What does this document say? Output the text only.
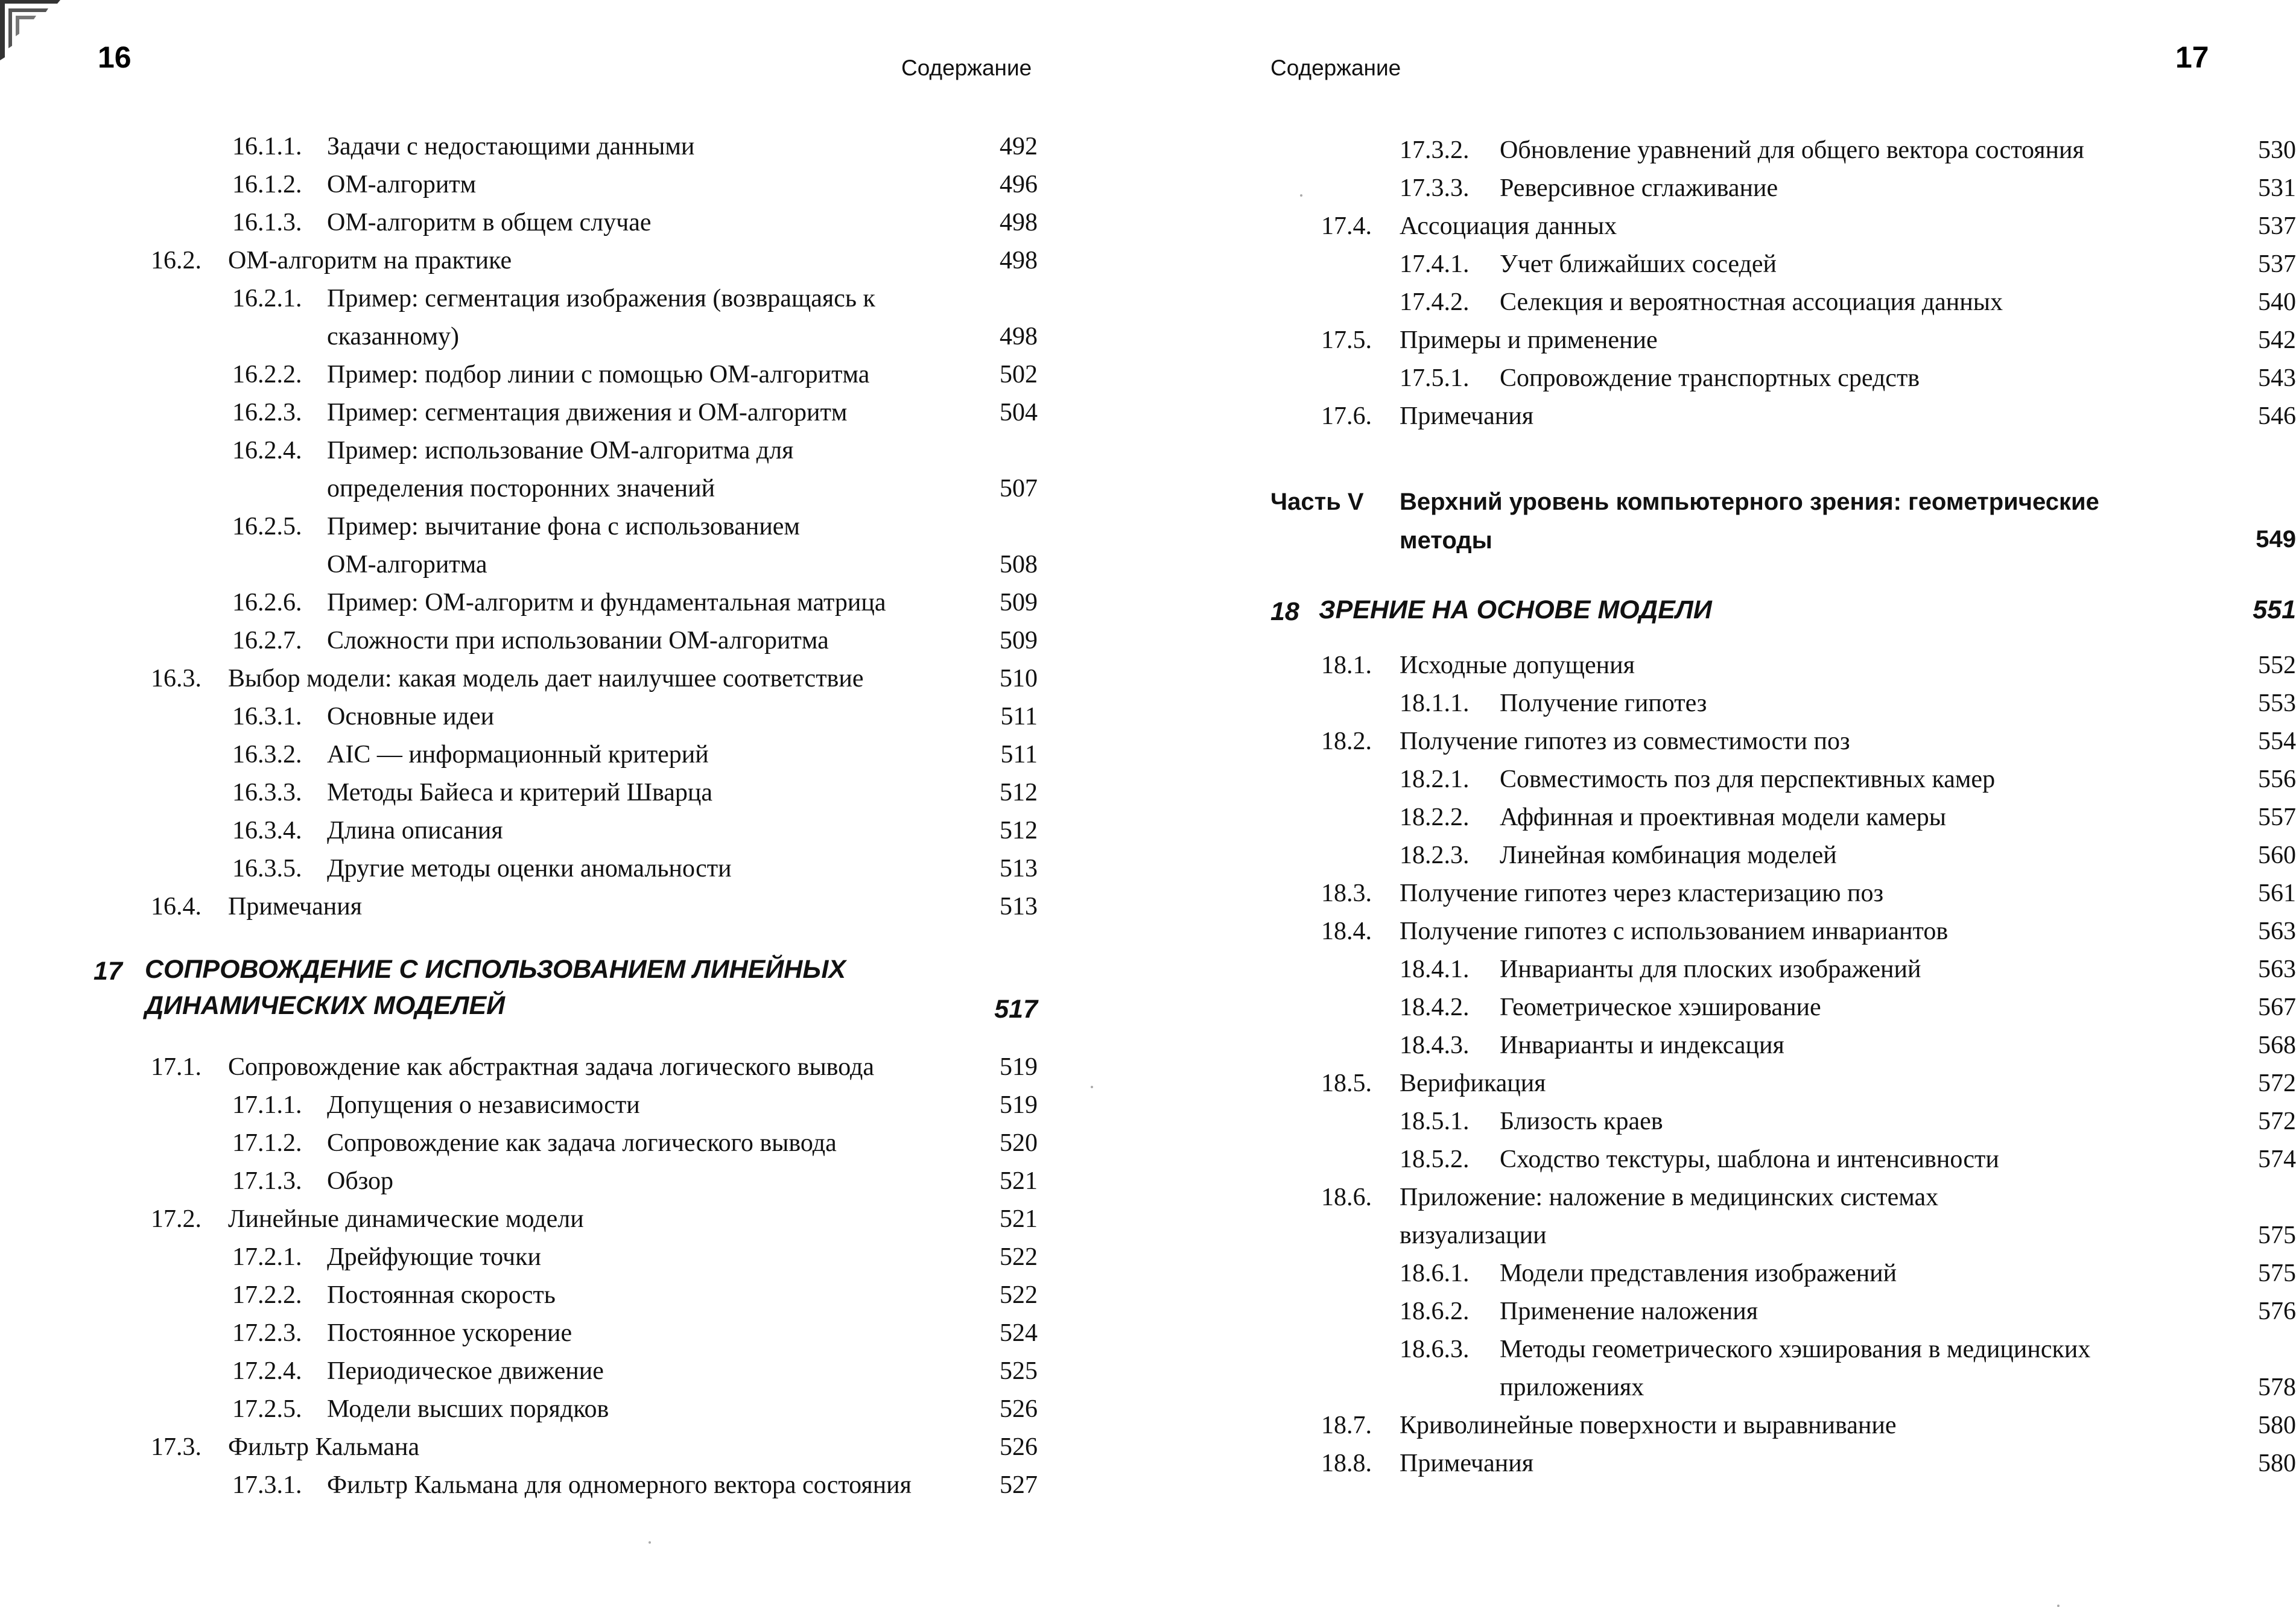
16	Содержание
16.1.1. Задачи с недостающими данными	492
16.1.2. ОМ-алгоритм	496
16.1.3. ОМ-алгоритм в общем случае	498
16.2. ОМ-алгоритм на практике	498
16.2.1. Пример: сегментация изображения (возвращаясь к
сказанному)	498
16.2.2. Пример: подбор линии с помощью ОМ-алгоритма	502
16.2.3. Пример: сегментация движения и ОМ-алгоритм	504
16.2.4. Пример: использование ОМ-алгоритма для
определения посторонних значений	507
16.2.5. Пример: вычитание фона с использованием
ОМ-алгоритма	508
16.2.6. Пример: ОМ-алгоритм и фундаментальная матрица	509
16.2.7. Сложности при использовании ОМ-алгоритма	509
16.3. Выбор модели: какая модель дает наилучшее соответствие	510
16.3.1. Основные идеи	511
16.3.2. AIC — информационный критерий	511
16.3.3. Методы Байеса и критерий Шварца	512
16.3.4. Длина описания	512
16.3.5. Другие методы оценки аномальности	513
16.4. Примечания	513
17 СОПРОВОЖДЕНИЕ С ИСПОЛЬЗОВАНИЕМ ЛИНЕЙНЫХ
ДИНАМИЧЕСКИХ МОДЕЛЕЙ	517
17.1. Сопровождение как абстрактная задача логического вывода	519
17.1.1. Допущения о независимости	519
17.1.2. Сопровождение как задача логического вывода	520
17.1.3. Обзор	521
17.2. Линейные динамические модели	521
17.2.1. Дрейфующие точки	522
17.2.2. Постоянная скорость	522
17.2.3. Постоянное ускорение	524
17.2.4. Периодическое движение	525
17.2.5. Модели высших порядков	526
17.3. Фильтр Кальмана	526
17.3.1. Фильтр Кальмана для одномерного вектора состояния	527
Содержание	17
17.3.2. Обновление уравнений для общего вектора состояния	530
17.3.3. Реверсивное сглаживание	531
17.4. Ассоциация данных	537
17.4.1. Учет ближайших соседей	537
17.4.2. Селекция и вероятностная ассоциация данных	540
17.5. Примеры и применение	542
17.5.1. Сопровождение транспортных средств	543
17.6. Примечания	546
Часть V Верхний уровень компьютерного зрения: геометрические
методы	549
18 ЗРЕНИЕ НА ОСНОВЕ МОДЕЛИ	551
18.1. Исходные допущения	552
18.1.1. Получение гипотез	553
18.2. Получение гипотез из совместимости поз	554
18.2.1. Совместимость поз для перспективных камер	556
18.2.2. Аффинная и проективная модели камеры	557
18.2.3. Линейная комбинация моделей	560
18.3. Получение гипотез через кластеризацию поз	561
18.4. Получение гипотез с использованием инвариантов	563
18.4.1. Инварианты для плоских изображений	563
18.4.2. Геометрическое хэширование	567
18.4.3. Инварианты и индексация	568
18.5. Верификация	572
18.5.1. Близость краев	572
18.5.2. Сходство текстуры, шаблона и интенсивности	574
18.6. Приложение: наложение в медицинских системах
визуализации	575
18.6.1. Модели представления изображений	575
18.6.2. Применение наложения	576
18.6.3. Методы геометрического хэширования в медицинских
приложениях	578
18.7. Криволинейные поверхности и выравнивание	580
18.8. Примечания	580
